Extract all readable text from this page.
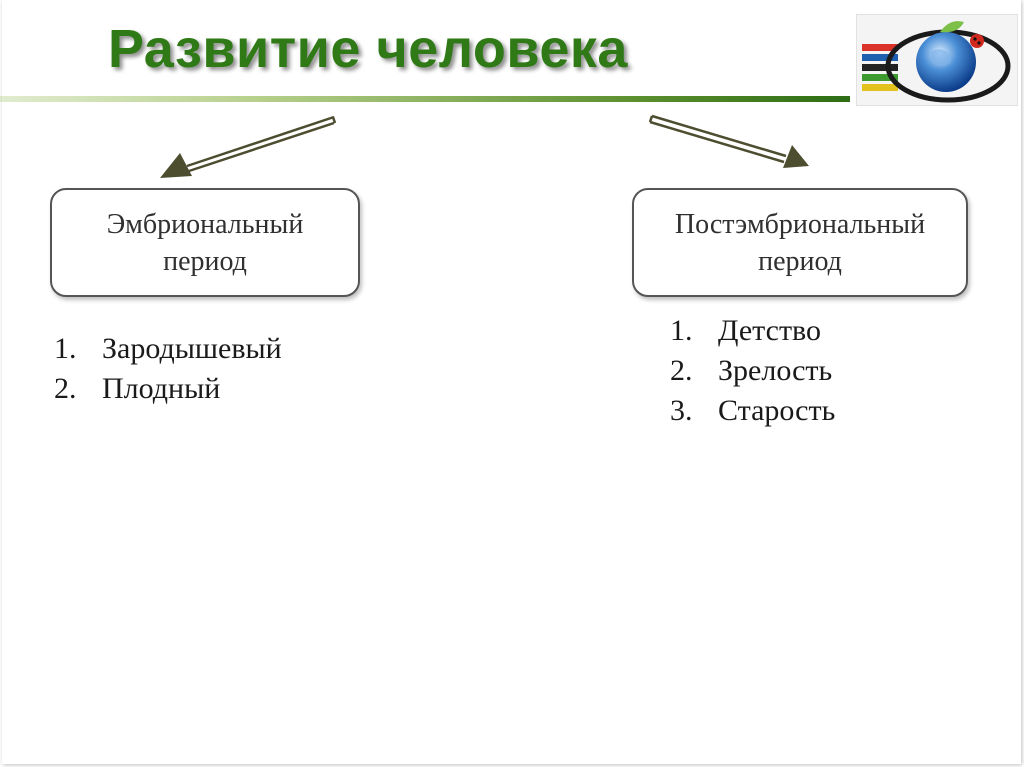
Развитие человека
Эмбриональный
период
Постэмбриональный
период
1. Зародышевый
2. Плодный
1. Детство
2. Зрелость
3. Старость
